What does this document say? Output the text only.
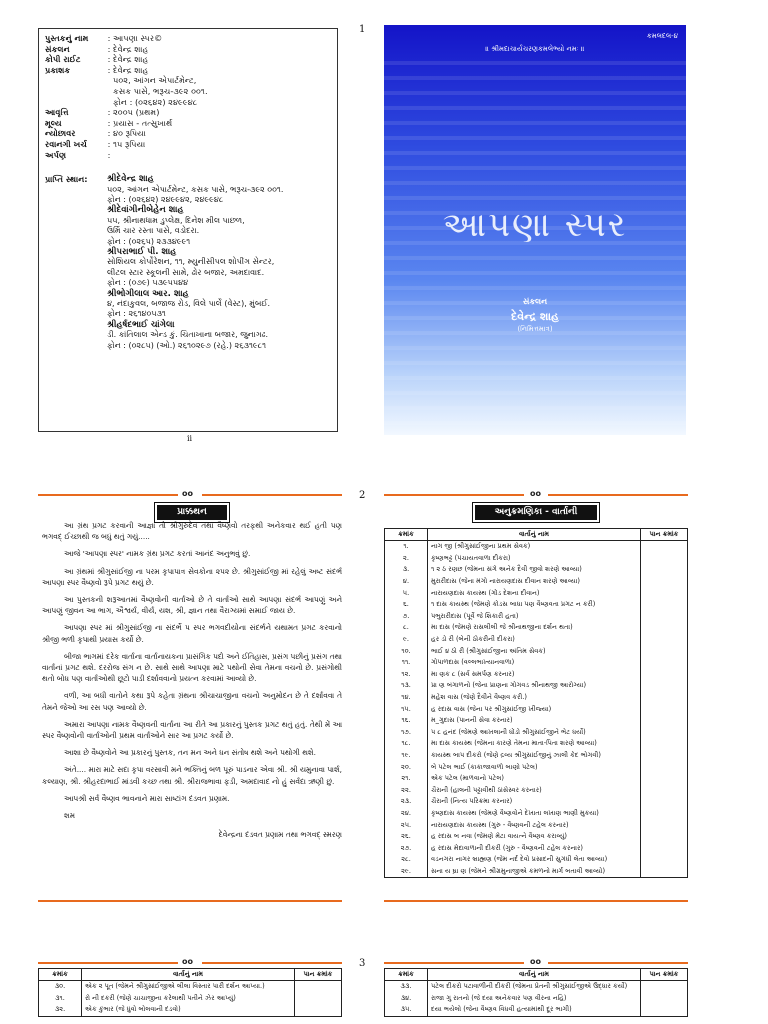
1
પુસ્તકનું નામ	: આપણા સ્પર©
સંકલન	: દેવેન્દ્ર શાહ
કોપી રાઈટ	: દેવેન્દ્ર શાહ
પ્રકાશક	: દેવેન્દ્ર શાહ
૫૦૨, આંગન એપાર્ટમેન્ટ,
કસક પાસે, ભરૂચ-૩૯૨ ૦૦૧.
ફોન : (૦૨૬૪૨) ૨૪૯૯૪૮
આવૃત્તિ	: ૨૦૦૫ (પ્રથમ)
મૂલ્ય	: પ્રયાસ - તત્સુખાર્થ
ન્યોછાવર	: ૪૦ રૂપિયા
રવાનગી ખર્ચ	: ૧૫ રૂપિયા
અર્પણ	:
પ્રાપ્તિ સ્થાન:	શ્રીદેવેન્દ્ર શાહ
૫૦૨, આંગન એપાર્ટમેન્ટ, કસક પાસે, ભરૂચ-૩૯૨ ૦૦૧.
ફોન : (૦૨૬૪૨) ૨૪૯૯૪૨, ૨૪૯૯૪૮
શ્રીદેવાંગીનીબેહેન શાહ
૫૫, શ્રીનાથધામ ડુપ્લેક્ષ, દિનેશ મીલ પાછળ,
ઉર્મિ ચાર રસ્તા પાસે, વડોદરા.
ફોન : (૦૨૬૫) ૨૩૩૪૯૯૧
શ્રીપરાભાઈ પી. શાહ
સોશિયલ કોર્પોરેશન, ૧૧, મ્યુનીસીપલ શોપીંગ સેન્ટર,
લીટલ સ્ટાર સ્કૂલની સામે, ઢોર બજાર, અમદાવાદ.
ફોન : (૦૭૯) ૫૩૯૫૫૪૪
શ્રીભોગીલાલ આર. શાહ
૪, નંદાકુવલ, બજાજ રોડ, વિલે પાર્લે (વેસ્ટ), મુંબઈ.
ફોન : ૨૬૧૪૦૫૩૧
શ્રીહર્ષદભાઈ ચાંગેલા
ડી. કાંતિલાલ એન્ડ કું. ચિતાખાના બજાર, જુનાગઢ.
ફોન : (૦૨૮૫) (ઓ.) ૨૬૧૦૨૯૭ (રહે.) ૨૬૩૧૯૮૧
ii
કમલદલ-૪
॥ શ્રીમદાચાર્યચરણકમલેભ્યો નમઃ ॥
આપણા સ્પર
સંકલન
દેવેન્દ્ર શાહ
(નિમિત્તમાત્ર)
2
oo
પ્રાક્કથન

આ ગ્રંથ પ્રગટ કરવાની આજ્ઞા તો શ્રીગુરુદેવ તથા વૈષ્ણવો તરફથી અનેકવાર થઈ હતી પણ ભગવદ્ ઈચ્છાથી જ બધું થતું ગયું.....

આજે 'આપણા સ્પર' નામક ગ્રંથ પ્રગટ કરતાં આનંદ અનુભવું છું.

આ ગ્રંથમાં શ્રીગુસાંઈજી ના પરમ કૃપાપાત્ર સેવકોના ૨૫૨ છે. શ્રીગુસાંઈજી માં રહેલું અષ્ટ સંદર્ભ આપણા સ્પર વૈષ્ણવો રૂપે પ્રગટ થયું છે.

આ પુસ્તકની શરૂઆતમાં વૈષ્ણવોની વાર્તાઓ છે તે વાર્તાઓ સાથે આપણા સંદર્ભ આપણું અને આપણું જીવન આ ભાગ, ઐશ્વર્ય, વીર્ય, યશ, શ્રી, જ્ઞાન તથા વૈરાગ્યમાં સમાઈ જાય છે.

આપણા સ્પર માં શ્રીગુસાંઈજી ના સંદર્ભે પ સ્પર ભગવદીયોના સંદર્ભને યથામત પ્રગટ કરવાનો શ્રીજી ભળી કૃપાથી પ્રયાસ કર્યો છે.

બીજા ભાગમાં દરેક વાર્તાના વાર્તાનાયકના પ્રાસંગિક પદો અને ઈતિહાસ, પ્રસંગ પછીનું પ્રસંગ તથા વાર્તાનાં પ્રગટ થશે. દરરોજ સંગ ન છે. સાથે સાથે આપણા માટે પથોની સેવા તેમના વચનો છે. પ્રસંગોથી થતો બોધ પણ વાર્તાઓથી છૂટો પાડી દર્શાવવાનો પ્રયત્ન કરવામાં આવ્યો છે.

વળી, આ બધી વાતોને કથા રૂપે કહેતા ગ્રંથના શ્રીચાચાજીના વચનો અનુમોદન છે તે દર્શાવવા તે તેમને જેઓ આ રસ પણ આવ્યો છે.

અમારા આપણા નામક વૈષ્ણવની વાર્તાના આ રીતે આ પ્રકારનું પુસ્તક પ્રગટ થતું હતું. તેથી મેં આ સ્પર વૈષ્ણવોની વાર્તાઓની પ્રથમ વાર્તાઓને સાર આ પ્રગટ કર્યો છે.

આશા છે વૈષ્ણવોને આ પ્રકારનું પુસ્તક, તન મન અને ધન સંતોષ થશે અને પથોગી થશે.

અંતે.... મારા માટે સદા કૃપા વરસાવી મને ભક્તિનું બળ પૂરું પાડનાર એવા શ્રી. શ્રી યમુનાવા પાર્શ, કલ્યાણ, શ્રી. શ્રીહરદાભાઈ માંડવી કચ્છ તથા શ્રી. શ્રીરાજભાવા ફડી, અમદાવાદ નો હું સર્વદા ઋણી છું.

આપશ્રી સર્વ વૈષ્ણવ ભાવનાને મારા સાષ્ટાંગ દંડવત પ્રણામ.

શમ

દેવેન્દ્રના દંડવત પ્રણામ તથા ભગવદ્ સ્મરણ
oo
અનુક્રમણિકા - વાર્તાની
ક્રમાંક	વાર્તાનું નામ	પાન ક્રમાંક
૧.	નાગ જી (શ્રીગુસાંઈજીના પ્રથમ સેવક)	
૨.	કૃષ્ણભટ્ટ (પંચાયતવાળા દીકરા)	
૩.	૧ ૨ ઠ રણછ (જેમના સંગે અનેક દૈવી જીવો શરણે આવ્યા)	
૪.	મુરારીદાસ (જેના મંગો નારાયણદાસ દીવાન શરણે આવ્યા)	
૫.	નારાયણદાસ કાયસ્થ (ગોંડ દેશના દીવાન)	
૬.	૧ દાસ કાયસ્થ (જેમણે કોડસ બાધા પણ વૈષ્ણવતા પ્રગટ ન કરી)	
૭.	પભુરારીદાસ (પૂર્વે જે શિકારી હતા)	
૮.	મા દાસ (જેમણે રાસલીલી જે શ્રીનાથજીના દર્શન થતા)	
૯.	હર ડો રી (બેની ઠોકરીની દીકરા)	
૧૦.	ભાઈ ૪ ઠો રી (શ્રીગુસાંઈજીના અંતિમ સેવક)	
૧૧.	ગોપાળદાસ (વલ્લભાખ્યાનવાળા)	
૧૨.	મા ણક ૮ (સર્વ સમર્પણ કરનાર)	
૧૩.	પ્રા ણ બંગાળનો (જેના પ્રાણના ગોગવડ શ્રીનાથજી આરોગ્યા)	
૧૪.	મહેશ વાસ (જેણે દૈવીને વૈષ્ણવ કરી.)	
૧૫.	હ રદાસ વાસ (જેના પર શ્રીગુસાંઈજી ખીજ્યા)	
૧૬.	મ_ગુદાસ (પાનની સેવા કરનાર)	
૧૭.	પ ૮ હનંદ (જેમણે આખલાની ધોંડો શ્રીગુસાંઈજીને ભેટ ધર્યો)	
૧૮.	મા દાસ કાયસ્થ (જેમના કારણે તેમના માતા-પિતા શરણે આવ્યા)	
૧૯.	કાયસ્થ બાપ દીકરો (જેણે દ્રવ્ય શ્રીગુસાંઈજીનું ઝાલી કેદ ભોગવી)	
૨૦.	બે પટેલ ભાઈ (કાકાજાવાળો બાણો પટેલ)	
૨૧.	એક પટેલ (માળવાનો પટેલ)	
૨૨.	ચૈરાની (હાલની પટ્ટાવીથી ઠાંસેસ્વર કરનાર)	
૨૩.	ચૈરાની (નિત્ય પરિક્રમા કરનાર)	
૨૪.	કૃષ્ણદાસ કાયસ્થ (જેમણે વૈષ્ણવોને દેખાતા લખાણ ભાણી મુકયા)	
૨૫.	નારાયણદાસ કાયસ્થ (ગુરુ - વૈષ્ણવની ટહેલ કરનાર)	
૨૬.	હ રદાસ બ નવા (જેમણે મેટા વાયત્ને વૈષ્ણવ કરાવ્યું)	
૨૭.	હ રદાસ મેદાવાળાની દીકરી (ગુરુ - વૈષ્ણવની ટહેલ કરનાર)	
૨૮.	વડનગરા નાગર બ્રાહ્મણ (જેમ નર્દ દેવો પ્રસાદની સુગંધી લેતા આવ્યા)	
૨૯.	સના ય ઘ્રા ણ (જેમને શ્રીગ્રમુનાજીએ કમળનો માર્ગ બતાવી આવ્યો)	
3
oo
ક્રમાંક	વાર્તાનું નામ	પાન ક્રમાંક
૩૦.	એક ૨ પૂત (જેમને શ્રીગુસાંઈજીએ લીલા વિસ્તાર પારી દર્શન આપ્યા.)	
૩૧.	રો ની દકરી (જેણે ચાચાજીના કરેલાથી પતીને ઝેર આપ્યું)	
૩૨.	એક કુંભાર (જે ધુંવો બોલવાની દંડવો)	
oo
ક્રમાંક	વાર્તાનું નામ	પાન ક્રમાંક
૩૩.	પટેલ દીકરો પટાવાળીની દીકરી (જેમના પ્રેતની શ્રીગુસાંઈજીએ ઉદ્ધાર કર્યો)	
૩૪.	રાજા ગુ રાતનો (જે દયા અનેકવાર પણ વીરના નહિ)	
૩૫.	દયા ભયેલો (જેના વૈષ્ણવ વિધવી હત્યામાંથી દૂર ભાગી)	
